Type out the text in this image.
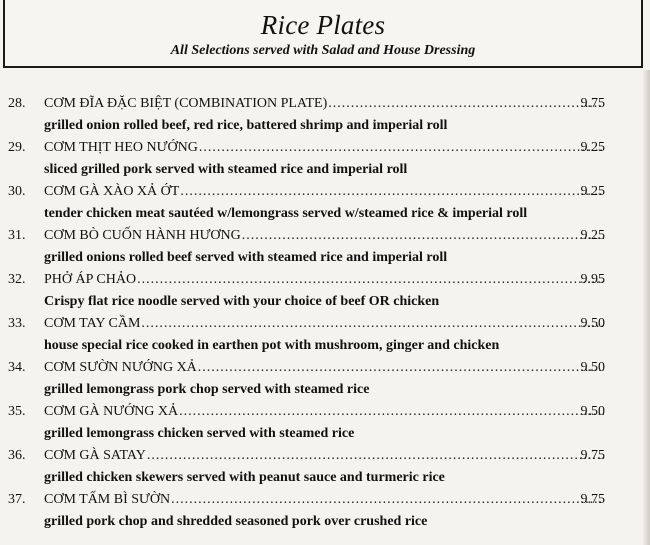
Rice Plates
All Selections served with Salad and House Dressing
28. CƠM ĐĨA ĐẶC BIỆT (COMBINATION PLATE) .....	9.75
grilled onion rolled beef, red rice, battered shrimp and imperial roll
29. CƠM THỊT HEO NƯỚNG .....	9.25
sliced grilled pork served with steamed rice and imperial roll
30. CƠM GÀ XÀO XẢ ỚT .....	9.25
tender chicken meat sautéed w/lemongrass served w/steamed rice & imperial roll
31. CƠM BÒ CUỐN HÀNH HƯƠNG .....	9.25
grilled onions rolled beef served with steamed rice and imperial roll
32. PHỞ ÁP CHẢO .....	9.95
Crispy flat rice noodle served with your choice of beef OR chicken
33. CƠM TAY CẦM .....	9.50
house special rice cooked in earthen pot with mushroom, ginger and chicken
34. CƠM SƯỜN NƯỚNG XẢ .....	9.50
grilled lemongrass pork chop served with steamed rice
35. CƠM GÀ NƯỚNG XẢ .....	9.50
grilled lemongrass chicken served with steamed rice
36. CƠM GÀ SATAY .....	9.75
grilled chicken skewers served with peanut sauce and turmeric rice
37. CƠM TẤM BÌ SƯỜN .....	9.75
grilled pork chop and shredded seasoned pork over crushed rice
